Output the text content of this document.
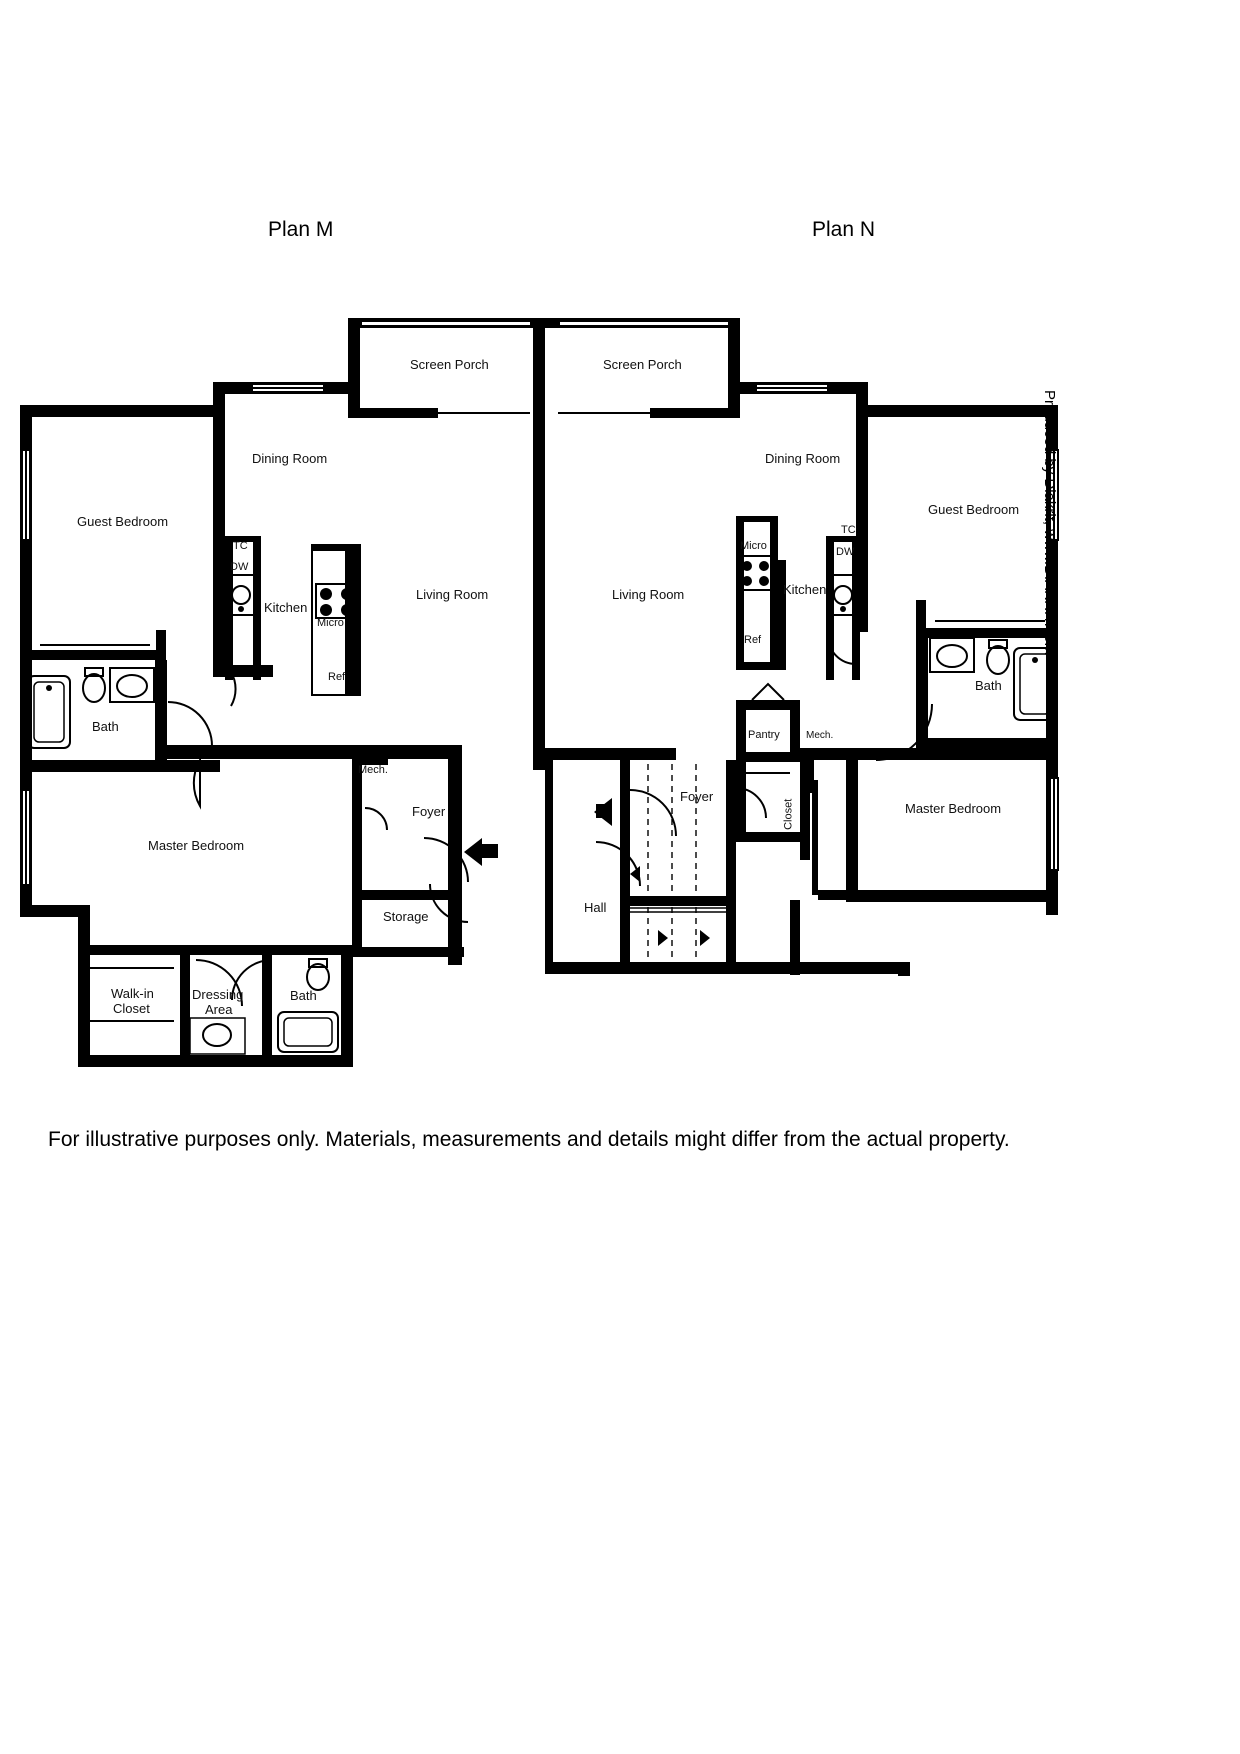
Plan M	Plan N
Screen Porch
Dining Room
Guest Bedroom
Kitchen
Living Room
Bath
Master Bedroom
Mech.
Foyer
Storage
Walk-in
Closet
Dressing
Area
Bath
TC
DW
Micro
Ref
Screen Porch
Dining Room
Guest Bedroom
Kitchen
Living Room
Bath
Master Bedroom
Pantry	Mech.
Foyer
Closet
Hall
TC
DW
Micro
Ref
For illustrative purposes only. Materials, measurements and details might differ from the actual property.
Produced by Diakrit, www.DIAKRIT.com
